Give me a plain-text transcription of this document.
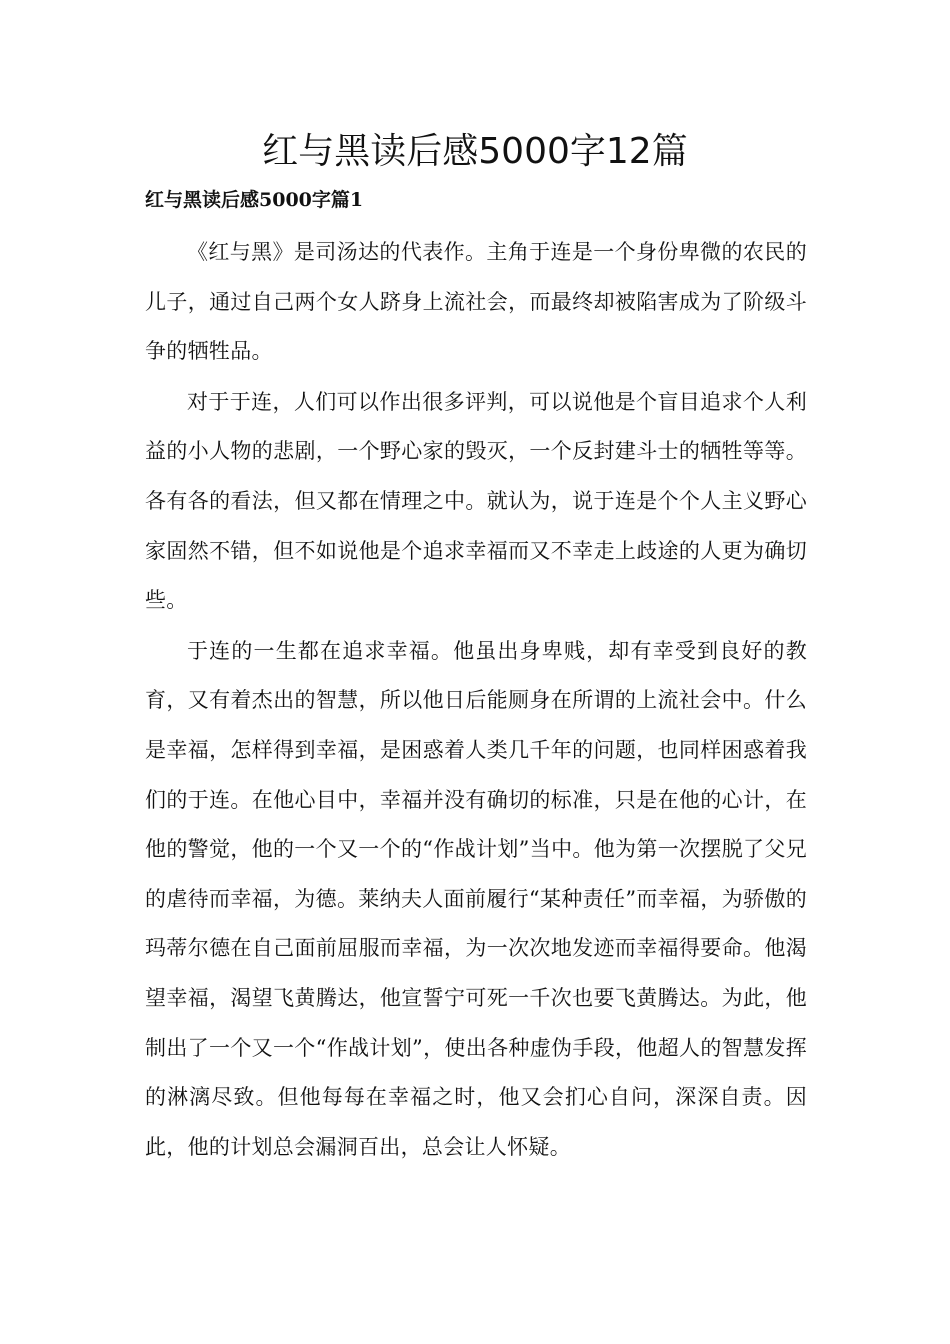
红与黑读后感5000字12篇
红与黑读后感5000字篇1

《红与黑》是司汤达的代表作。主角于连是一个身份卑微的农民的儿子，通过自己两个女人跻身上流社会，而最终却被陷害成为了阶级斗争的牺牲品。

对于于连，人们可以作出很多评判，可以说他是个盲目追求个人利益的小人物的悲剧，一个野心家的毁灭，一个反封建斗士的牺牲等等。各有各的看法，但又都在情理之中。就认为，说于连是个个人主义野心家固然不错，但不如说他是个追求幸福而又不幸走上歧途的人更为确切些。

于连的一生都在追求幸福。他虽出身卑贱，却有幸受到良好的教育，又有着杰出的智慧，所以他日后能厕身在所谓的上流社会中。什么是幸福，怎样得到幸福，是困惑着人类几千年的问题，也同样困惑着我们的于连。在他心目中，幸福并没有确切的标准，只是在他的心计，在他的警觉，他的一个又一个的“作战计划”当中。他为第一次摆脱了父兄的虐待而幸福，为德。莱纳夫人面前履行“某种责任”而幸福，为骄傲的玛蒂尔德在自己面前屈服而幸福，为一次次地发迹而幸福得要命。他渴望幸福，渴望飞黄腾达，他宣誓宁可死一千次也要飞黄腾达。为此，他制出了一个又一个“作战计划”，使出各种虚伪手段，他超人的智慧发挥的淋漓尽致。但他每每在幸福之时，他又会扪心自问，深深自责。因此，他的计划总会漏洞百出，总会让人怀疑。
